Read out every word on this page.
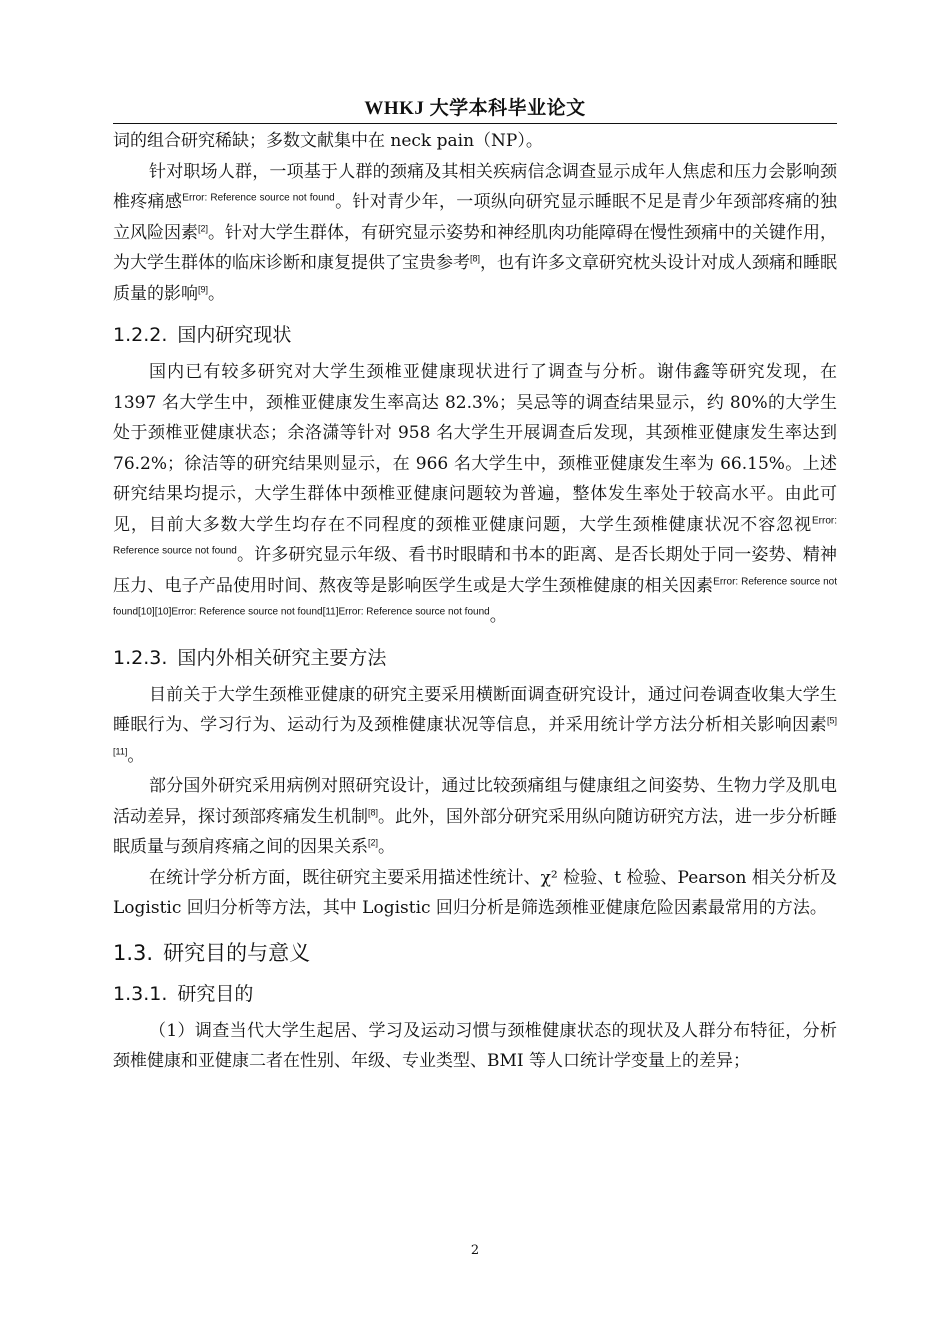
WHKJ 大学本科毕业论文

词的组合研究稀缺；多数文献集中在 neck pain（NP）。

针对职场人群，一项基于人群的颈痛及其相关疾病信念调查显示成年人焦虑和压力会影响颈椎疼痛感$^{Error: Reference source not found}$。针对青少年，一项纵向研究显示睡眠不足是青少年颈部疼痛的独立风险因素[2]。针对大学生群体，有研究显示姿势和神经肌肉功能障碍在慢性颈痛中的关键作用，为大学生群体的临床诊断和康复提供了宝贵参考[8]，也有许多文章研究枕头设计对成人颈痛和睡眠质量的影响[9]。

1.2.2. 国内研究现状

国内已有较多研究对大学生颈椎亚健康现状进行了调查与分析。谢伟鑫等研究发现，在 1397 名大学生中，颈椎亚健康发生率高达 82.3%；吴忌等的调查结果显示，约 80%的大学生处于颈椎亚健康状态；余洛潇等针对 958 名大学生开展调查后发现，其颈椎亚健康发生率达到 76.2%；徐洁等的研究结果则显示，在 966 名大学生中，颈椎亚健康发生率为 66.15%。上述研究结果均提示，大学生群体中颈椎亚健康问题较为普遍，整体发生率处于较高水平。由此可见，目前大多数大学生均存在不同程度的颈椎亚健康问题，大学生颈椎健康状况不容忽视$^{Error: Reference source not found}$。许多研究显示年级、看书时眼睛和书本的距离、是否长期处于同一姿势、精神压力、电子产品使用时间、熬夜等是影响医学生或是大学生颈椎健康的相关因素$^{Error: Reference source not found[10][10]Error: Reference source not found[11]Error: Reference source not found}$。

1.2.3. 国内外相关研究主要方法

目前关于大学生颈椎亚健康的研究主要采用横断面调查研究设计，通过问卷调查收集大学生睡眠行为、学习行为、运动行为及颈椎健康状况等信息，并采用统计学方法分析相关影响因素[5][11]。

部分国外研究采用病例对照研究设计，通过比较颈痛组与健康组之间姿势、生物力学及肌电活动差异，探讨颈部疼痛发生机制[8]。此外，国外部分研究采用纵向随访研究方法，进一步分析睡眠质量与颈肩疼痛之间的因果关系[2]。

在统计学分析方面，既往研究主要采用描述性统计、χ² 检验、t 检验、Pearson 相关分析及 Logistic 回归分析等方法，其中 Logistic 回归分析是筛选颈椎亚健康危险因素最常用的方法。

1.3. 研究目的与意义
1.3.1. 研究目的

（1）调查当代大学生起居、学习及运动习惯与颈椎健康状态的现状及人群分布特征，分析颈椎健康和亚健康二者在性别、年级、专业类型、BMI 等人口统计学变量上的差异；

2
